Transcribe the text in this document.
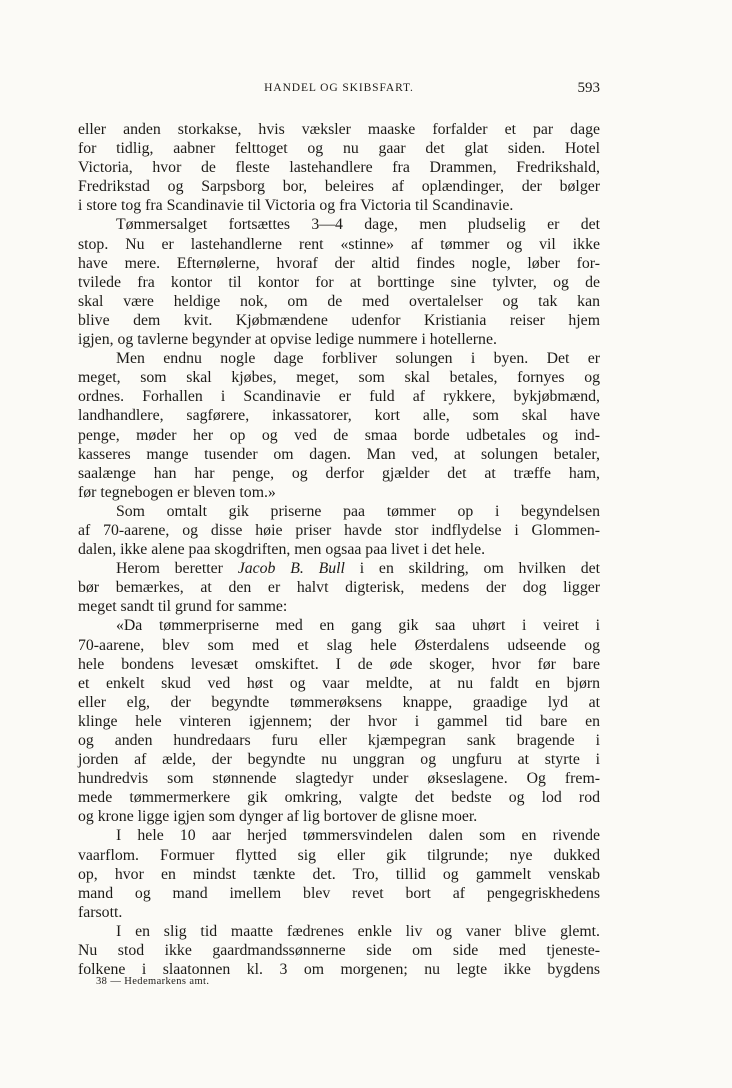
HANDEL OG SKIBSFART.	593
eller anden storkakse, hvis væksler maaske forfalder et par dage
for tidlig, aabner felttoget og nu gaar det glat siden. Hotel
Victoria, hvor de fleste lastehandlere fra Drammen, Fredrikshald,
Fredrikstad og Sarpsborg bor, beleires af oplændinger, der bølger
i store tog fra Scandinavie til Victoria og fra Victoria til Scandinavie.
Tømmersalget fortsættes 3—4 dage, men pludselig er det
stop. Nu er lastehandlerne rent «stinne» af tømmer og vil ikke
have mere. Efternølerne, hvoraf der altid findes nogle, løber for-
tvilede fra kontor til kontor for at borttinge sine tylvter, og de
skal være heldige nok, om de med overtalelser og tak kan
blive dem kvit. Kjøbmændene udenfor Kristiania reiser hjem
igjen, og tavlerne begynder at opvise ledige nummere i hotellerne.
Men endnu nogle dage forbliver solungen i byen. Det er
meget, som skal kjøbes, meget, som skal betales, fornyes og
ordnes. Forhallen i Scandinavie er fuld af rykkere, bykjøbmænd,
landhandlere, sagførere, inkassatorer, kort alle, som skal have
penge, møder her op og ved de smaa borde udbetales og ind-
kasseres mange tusender om dagen. Man ved, at solungen betaler,
saalænge han har penge, og derfor gjælder det at træffe ham,
før tegnebogen er bleven tom.»
Som omtalt gik priserne paa tømmer op i begyndelsen
af 70-aarene, og disse høie priser havde stor indflydelse i Glommen-
dalen, ikke alene paa skogdriften, men ogsaa paa livet i det hele.
Herom beretter Jacob B. Bull i en skildring, om hvilken det
bør bemærkes, at den er halvt digterisk, medens der dog ligger
meget sandt til grund for samme:
«Da tømmerpriserne med en gang gik saa uhørt i veiret i
70-aarene, blev som med et slag hele Østerdalens udseende og
hele bondens levesæt omskiftet. I de øde skoger, hvor før bare
et enkelt skud ved høst og vaar meldte, at nu faldt en bjørn
eller elg, der begyndte tømmerøksens knappe, graadige lyd at
klinge hele vinteren igjennem; der hvor i gammel tid bare en
og anden hundredaars furu eller kjæmpegran sank bragende i
jorden af ælde, der begyndte nu unggran og ungfuru at styrte i
hundredvis som stønnende slagtedyr under økseslagene. Og frem-
mede tømmermerkere gik omkring, valgte det bedste og lod rod
og krone ligge igjen som dynger af lig bortover de glisne moer.
I hele 10 aar herjed tømmersvindelen dalen som en rivende
vaarflom. Formuer flytted sig eller gik tilgrunde; nye dukked
op, hvor en mindst tænkte det. Tro, tillid og gammelt venskab
mand og mand imellem blev revet bort af pengegriskhedens
farsott.
I en slig tid maatte fædrenes enkle liv og vaner blive glemt.
Nu stod ikke gaardmandssønnerne side om side med tjeneste-
folkene i slaatonnen kl. 3 om morgenen; nu legte ikke bygdens
38 — Hedemarkens amt.
